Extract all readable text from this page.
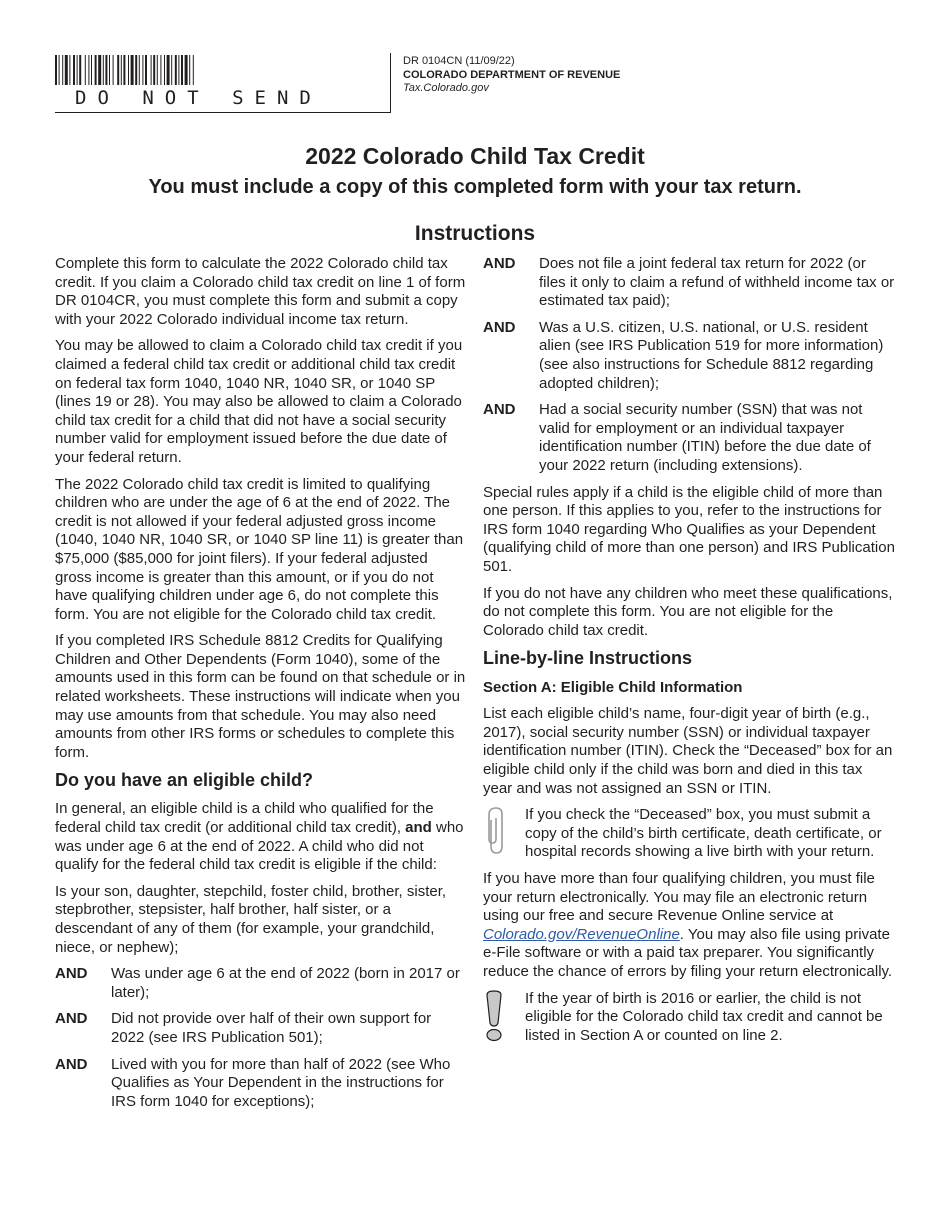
DO NOT SEND
DR 0104CN (11/09/22)
COLORADO DEPARTMENT OF REVENUE
Tax.Colorado.gov
2022 Colorado Child Tax Credit
You must include a copy of this completed form with your tax return.
Instructions

Complete this form to calculate the 2022 Colorado child tax credit. If you claim a Colorado child tax credit on line 1 of form DR 0104CR, you must complete this form and submit a copy with your 2022 Colorado individual income tax return.

You may be allowed to claim a Colorado child tax credit if you claimed a federal child tax credit or additional child tax credit on federal tax form 1040, 1040 NR, 1040 SR, or 1040 SP (lines 19 or 28). You may also be allowed to claim a Colorado child tax credit for a child that did not have a social security number valid for employment issued before the due date of your federal return.

The 2022 Colorado child tax credit is limited to qualifying children who are under the age of 6 at the end of 2022. The credit is not allowed if your federal adjusted gross income (1040, 1040 NR, 1040 SR, or 1040 SP line 11) is greater than $75,000 ($85,000 for joint filers). If your federal adjusted gross income is greater than this amount, or if you do not have qualifying children under age 6, do not complete this form. You are not eligible for the Colorado child tax credit.

If you completed IRS Schedule 8812 Credits for Qualifying Children and Other Dependents (Form 1040), some of the amounts used in this form can be found on that schedule or in related worksheets. These instructions will indicate when you may use amounts from that schedule. You may also need amounts from other IRS forms or schedules to complete this form.

Do you have an eligible child?

In general, an eligible child is a child who qualified for the federal child tax credit (or additional child tax credit), and who was under age 6 at the end of 2022. A child who did not qualify for the federal child tax credit is eligible if the child:

Is your son, daughter, stepchild, foster child, brother, sister, stepbrother, stepsister, half brother, half sister, or a descendant of any of them (for example, your grandchild, niece, or nephew);

AND	Was under age 6 at the end of 2022 (born in 2017 or later);
AND	Did not provide over half of their own support for 2022 (see IRS Publication 501);
AND	Lived with you for more than half of 2022 (see Who Qualifies as Your Dependent in the instructions for IRS form 1040 for exceptions);
AND	Does not file a joint federal tax return for 2022 (or files it only to claim a refund of withheld income tax or estimated tax paid);
AND	Was a U.S. citizen, U.S. national, or U.S. resident alien (see IRS Publication 519 for more information) (see also instructions for Schedule 8812 regarding adopted children);
AND	Had a social security number (SSN) that was not valid for employment or an individual taxpayer identification number (ITIN) before the due date of your 2022 return (including extensions).

Special rules apply if a child is the eligible child of more than one person. If this applies to you, refer to the instructions for IRS form 1040 regarding Who Qualifies as your Dependent (qualifying child of more than one person) and IRS Publication 501.

If you do not have any children who meet these qualifications, do not complete this form. You are not eligible for the Colorado child tax credit.

Line-by-line Instructions
Section A: Eligible Child Information

List each eligible child’s name, four-digit year of birth (e.g., 2017), social security number (SSN) or individual taxpayer identification number (ITIN). Check the “Deceased” box for an eligible child only if the child was born and died in this tax year and was not assigned an SSN or ITIN.

If you check the “Deceased” box, you must submit a copy of the child’s birth certificate, death certificate, or hospital records showing a live birth with your return.

If you have more than four qualifying children, you must file your return electronically. You may file an electronic return using our free and secure Revenue Online service at Colorado.gov/RevenueOnline. You may also file using private e-File software or with a paid tax preparer. You significantly reduce the chance of errors by filing your return electronically.

If the year of birth is 2016 or earlier, the child is not eligible for the Colorado child tax credit and cannot be listed in Section A or counted on line 2.
